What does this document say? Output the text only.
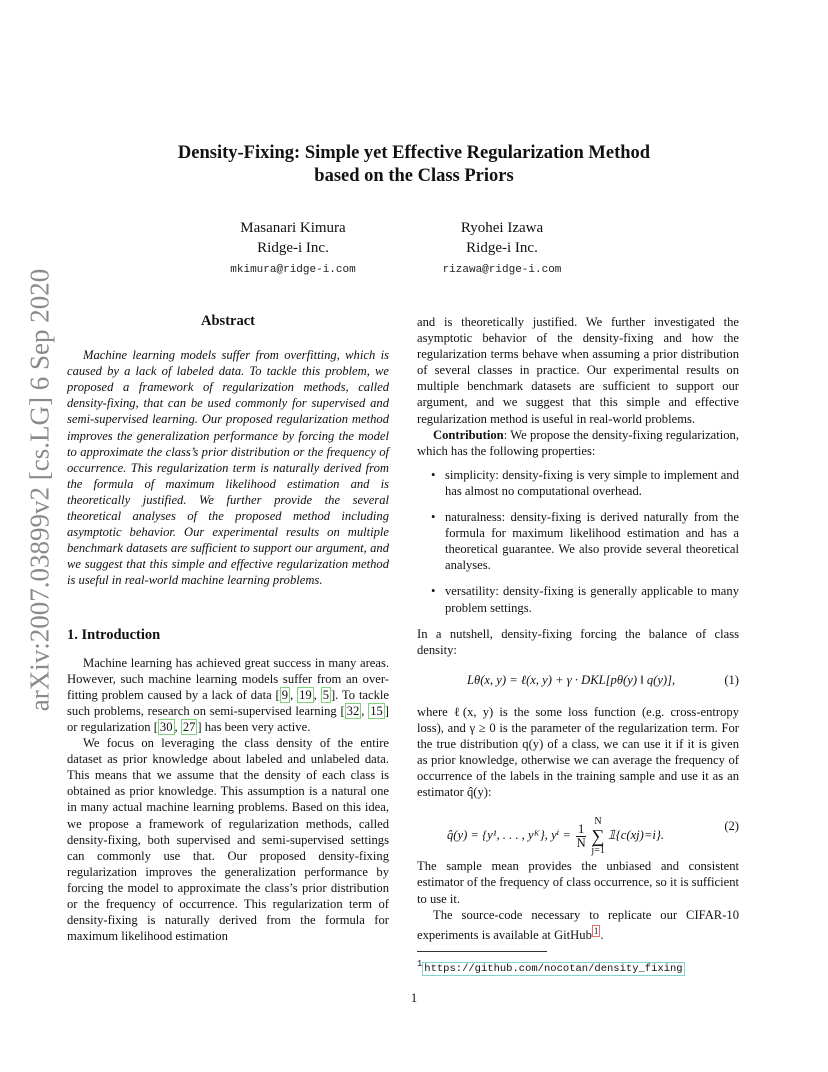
arXiv:2007.03899v2 [cs.LG] 6 Sep 2020
Density-Fixing: Simple yet Effective Regularization Method
based on the Class Priors
Masanari Kimura
Ridge-i Inc.
mkimura@ridge-i.com
Ryohei Izawa
Ridge-i Inc.
rizawa@ridge-i.com
Abstract

Machine learning models suffer from overfitting, which is caused by a lack of labeled data. To tackle this problem, we proposed a framework of regularization methods, called density-fixing, that can be used commonly for supervised and semi-supervised learning. Our proposed regularization method improves the generalization performance by forcing the model to approximate the class’s prior distribution or the frequency of occurrence. This regularization term is naturally derived from the formula of maximum likelihood estimation and is theoretically justified. We further provide the several theoretical analyses of the proposed method including asymptotic behavior. Our experimental results on multiple benchmark datasets are sufficient to support our argument, and we suggest that this simple and effective regularization method is useful in real-world machine learning problems.

1. Introduction

Machine learning has achieved great success in many areas. However, such machine learning models suffer from an over-fitting problem caused by a lack of data [ 9 , 19 , 5 ]. To tackle such problems, research on semi-supervised learning [ 32 , 15 ] or regularization [ 30 , 27 ] has been very active.

We focus on leveraging the class density of the entire dataset as prior knowledge about labeled and unlabeled data. This means that we assume that the density of each class is obtained as prior knowledge. This assumption is a natural one in many actual machine learning problems. Based on this idea, we propose a framework of regularization methods, called density-fixing, both supervised and semi-supervised settings can commonly use that. Our proposed density-fixing regularization improves the generalization performance by forcing the model to approximate the class’s prior distribution or the frequency of occurrence. This regularization term of density-fixing is naturally derived from the formula for maximum likelihood estimation

and is theoretically justified. We further investigated the asymptotic behavior of the density-fixing and how the regularization terms behave when assuming a prior distribution of several classes in practice. Our experimental results on multiple benchmark datasets are sufficient to support our argument, and we suggest that this simple and effective regularization method is useful in real-world problems.

Contribution: We propose the density-fixing regularization, which has the following properties:

• simplicity: density-fixing is very simple to implement and has almost no computational overhead.
• naturalness: density-fixing is derived naturally from the formula for maximum likelihood estimation and has a theoretical guarantee. We also provide several theoretical analyses.
• versatility: density-fixing is generally applicable to many problem settings.

In a nutshell, density-fixing forcing the balance of class density:

Lθ(x, y) = ℓ(x, y) + γ · DKL[pθ(y) ‖ q(y)],	(1)

where ℓ(x, y) is the some loss function (e.g. cross-entropy loss), and γ ≥ 0 is the parameter of the regularization term. For the true distribution q(y) of a class, we can use it if it is given as prior knowledge, otherwise we can average the frequency of occurrence of the labels in the training sample and use it as an estimator q̂(y):

q̂(y) = {y¹, . . . , yᴷ}, $y^i = \frac{1}{N}N$
∑
j=1𝟙{c(xj)=i}.
(2)

The sample mean provides the unbiased and consistent estimator of the frequency of class occurrence, so it is sufficient to use it.

The source-code necessary to replicate our CIFAR-10 experiments is available at GitHub $^1$ .

$^1$ https://github.com/nocotan/density_fixing
1
